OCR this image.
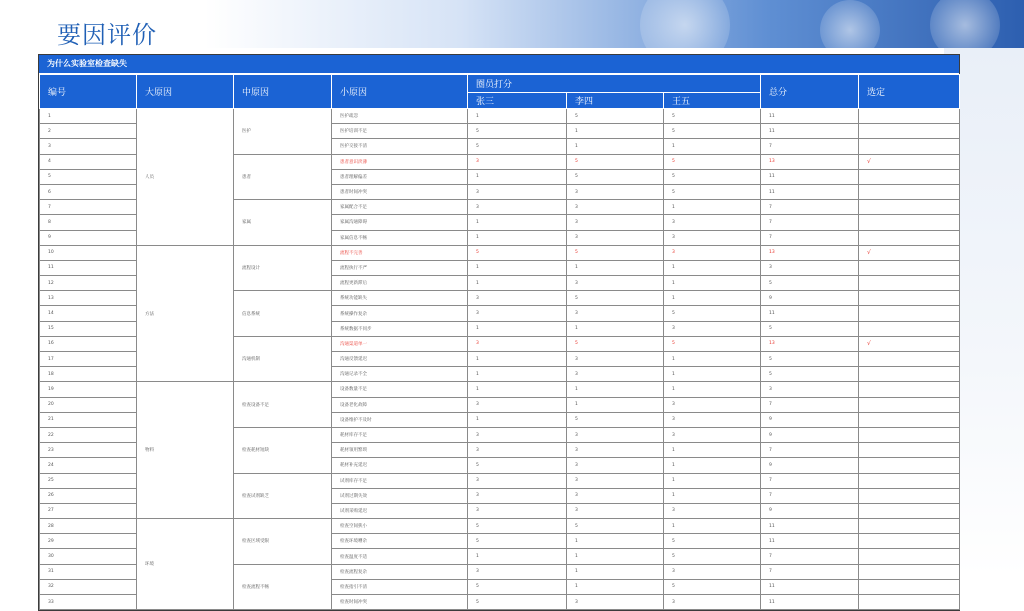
要因评价
为什么实验室检查缺失
编号	大原因	中原因	小原因	圈员打分			总分	选定
				张三	李四	王五		
1	人员	医护	医护疏忽	1	5	5	11	
2			医护培训不足	5	1	5	11	
3			医护交接不清	5	1	1	7	
4		患者	患者意识淡薄	3	5	5	13	√
5			患者理解偏差	1	5	5	11	
6			患者时间冲突	3	3	5	11	
7		家属	家属配合不足	3	3	1	7	
8			家属沟通障碍	1	3	3	7	
9			家属信息不畅	1	3	3	7	
10	方法	流程设计	流程不完善	5	5	3	13	√
11			流程执行不严	1	1	1	3	
12			流程更新滞后	1	3	1	5	
13		信息系统	系统功能缺失	3	5	1	9	
14			系统操作复杂	3	3	5	11	
15			系统数据不同步	1	1	3	5	
16		沟通机制	沟通渠道单一	3	5	5	13	√
17			沟通反馈延迟	1	3	1	5	
18			沟通记录不全	1	3	1	5	
19	物料	检查设备不足	设备数量不足	1	1	1	3	
20			设备老化故障	3	1	3	7	
21			设备维护不及时	1	5	3	9	
22		检查耗材短缺	耗材库存不足	3	3	3	9	
23			耗材领用繁琐	3	3	1	7	
24			耗材补充延迟	5	3	1	9	
25		检查试剂缺乏	试剂库存不足	3	3	1	7	
26			试剂过期失效	3	3	1	7	
27			试剂采购延迟	3	3	3	9	
28	环境	检查区域受限	检查空间狭小	5	5	1	11	
29			检查环境嘈杂	5	1	5	11	
30			检查温度不适	1	1	5	7	
31		检查流程不畅	检查流程复杂	3	1	3	7	
32			检查指引不清	5	1	5	11	
33			检查时间冲突	5	3	3	11	
